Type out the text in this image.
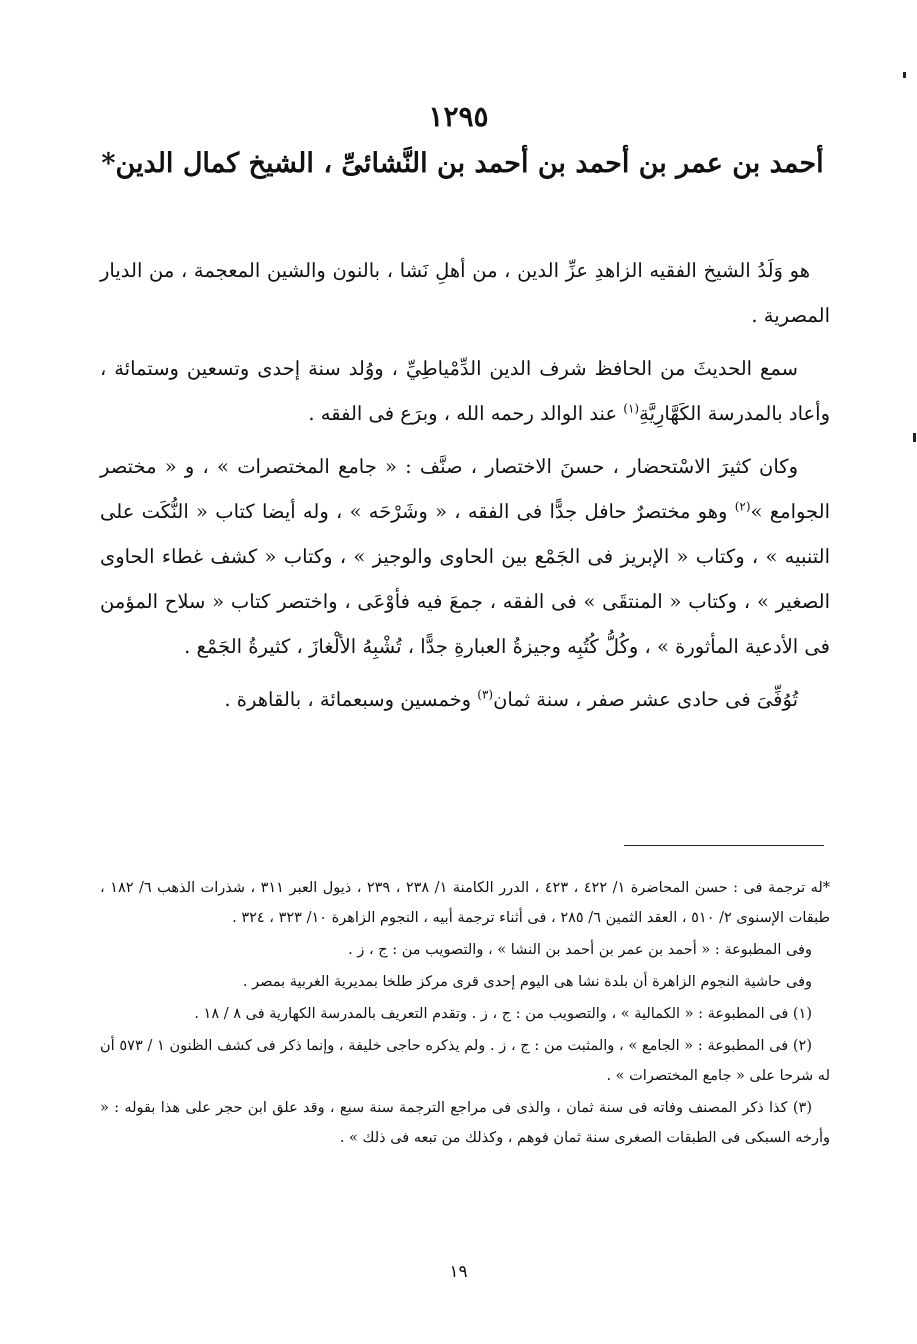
١٢٩٥
أحمد بن عمر بن أحمد بن أحمد بن النَّشائىِّ ، الشيخ كمال الدين*

هو وَلَدُ الشيخ الفقيه الزاهدِ عزِّ الدين ، من أهلِ نَشا ، بالنون والشين المعجمة ، من الديار المصرية .

سمع الحديثَ من الحافظ شرف الدين الدِّمْياطِيِّ ، ووُلد سنة إحدى وتسعين وستمائة ، وأعاد بالمدرسة الكَهَّارِيَّةِ$^{(١)}$ عند الوالد رحمه الله ، وبرَع فى الفقه .

وكان كثيرَ الاسْتحضار ، حسنَ الاختصار ، صنَّف : « جامع المختصرات » ، و « مختصر الجوامع »$^{(٢)}$ وهو مختصرٌ حافل جدًّا فى الفقه ، « وشَرْحَه » ، وله أيضا كتاب « النُّكَت على التنبيه » ، وكتاب « الإبريز فى الجَمْع بين الحاوى والوجيز » ، وكتاب « كشف غطاء الحاوى الصغير » ، وكتاب « المنتقَى » فى الفقه ، جمعَ فيه فأوْعَى ، واختصر كتاب « سلاح المؤمن فى الأدعية المأثورة » ، وكُلُّ كُتُبِه وجيزةُ العبارةِ جدًّا ، تُشْبِهُ الألْغازَ ، كثيرةُ الجَمْع .

تُوُفِّىَ فى حادى عشر صفر ، سنة ثمان$^{(٣)}$ وخمسين وسبعمائة ، بالقاهرة .

*له ترجمة فى : حسن المحاضرة ١/ ٤٢٢ ، ٤٢٣ ، الدرر الكامنة ١/ ٢٣٨ ، ٢٣٩ ، ذيول العبر ٣١١ ، شذرات الذهب ٦/ ١٨٢ ، طبقات الإسنوى ٢/ ٥١٠ ، العقد الثمين ٦/ ٢٨٥ ، فى أثناء ترجمة أبيه ، النجوم الزاهرة ١٠/ ٣٢٣ ، ٣٢٤ .

وفى المطبوعة : « أحمد بن عمر بن أحمد بن النشا » ، والتصويب من : ج ، ز .

وفى حاشية النجوم الزاهرة أن بلدة نشا هى اليوم إحدى قرى مركز طلخا بمديرية الغربية بمصر .

(١) فى المطبوعة : « الكمالية » ، والتصويب من : ج ، ز . وتقدم التعريف بالمدرسة الكهارية فى ٨ / ١٨ .

(٢) فى المطبوعة : « الجامع » ، والمثبت من : ج ، ز . ولم يذكره حاجى خليفة ، وإنما ذكر فى كشف الظنون ١ / ٥٧٣ أن له شرحا على « جامع المختصرات » .

(٣) كذا ذكر المصنف وفاته فى سنة ثمان ، والذى فى مراجع الترجمة سنة سبع ، وقد علق ابن حجر على هذا بقوله : « وأرخه السبكى فى الطبقات الصغرى سنة ثمان فوهم ، وكذلك من تبعه فى ذلك » .

١٩
